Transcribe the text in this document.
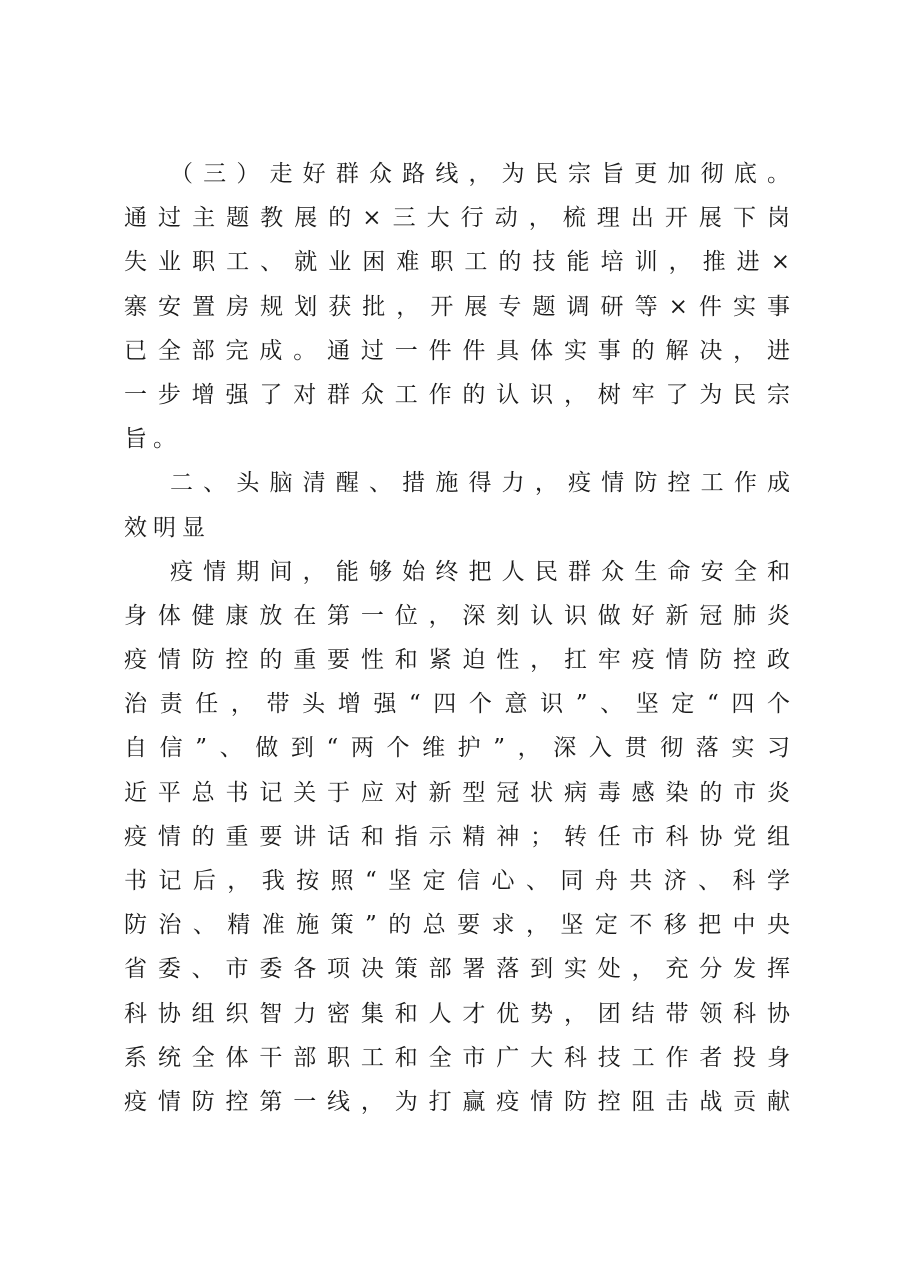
（三）走好群众路线，为民宗旨更加彻底。
通过主题教展的×三大行动，梳理出开展下岗
失业职工、就业困难职工的技能培训，推进×
寨安置房规划获批，开展专题调研等×件实事
已全部完成。通过一件件具体实事的解决，进
一步增强了对群众工作的认识，树牢了为民宗
旨。
二、头脑清醒、措施得力，疫情防控工作成
效明显
疫情期间，能够始终把人民群众生命安全和
身体健康放在第一位，深刻认识做好新冠肺炎
疫情防控的重要性和紧迫性，扛牢疫情防控政
治责任，带头增强“四个意识”、坚定“四个
自信”、做到“两个维护”，深入贯彻落实习
近平总书记关于应对新型冠状病毒感染的市炎
疫情的重要讲话和指示精神；转任市科协党组
书记后，我按照“坚定信心、同舟共济、科学
防治、精准施策”的总要求，坚定不移把中央
省委、市委各项决策部署落到实处，充分发挥
科协组织智力密集和人才优势，团结带领科协
系统全体干部职工和全市广大科技工作者投身
疫情防控第一线，为打赢疫情防控阻击战贡献
